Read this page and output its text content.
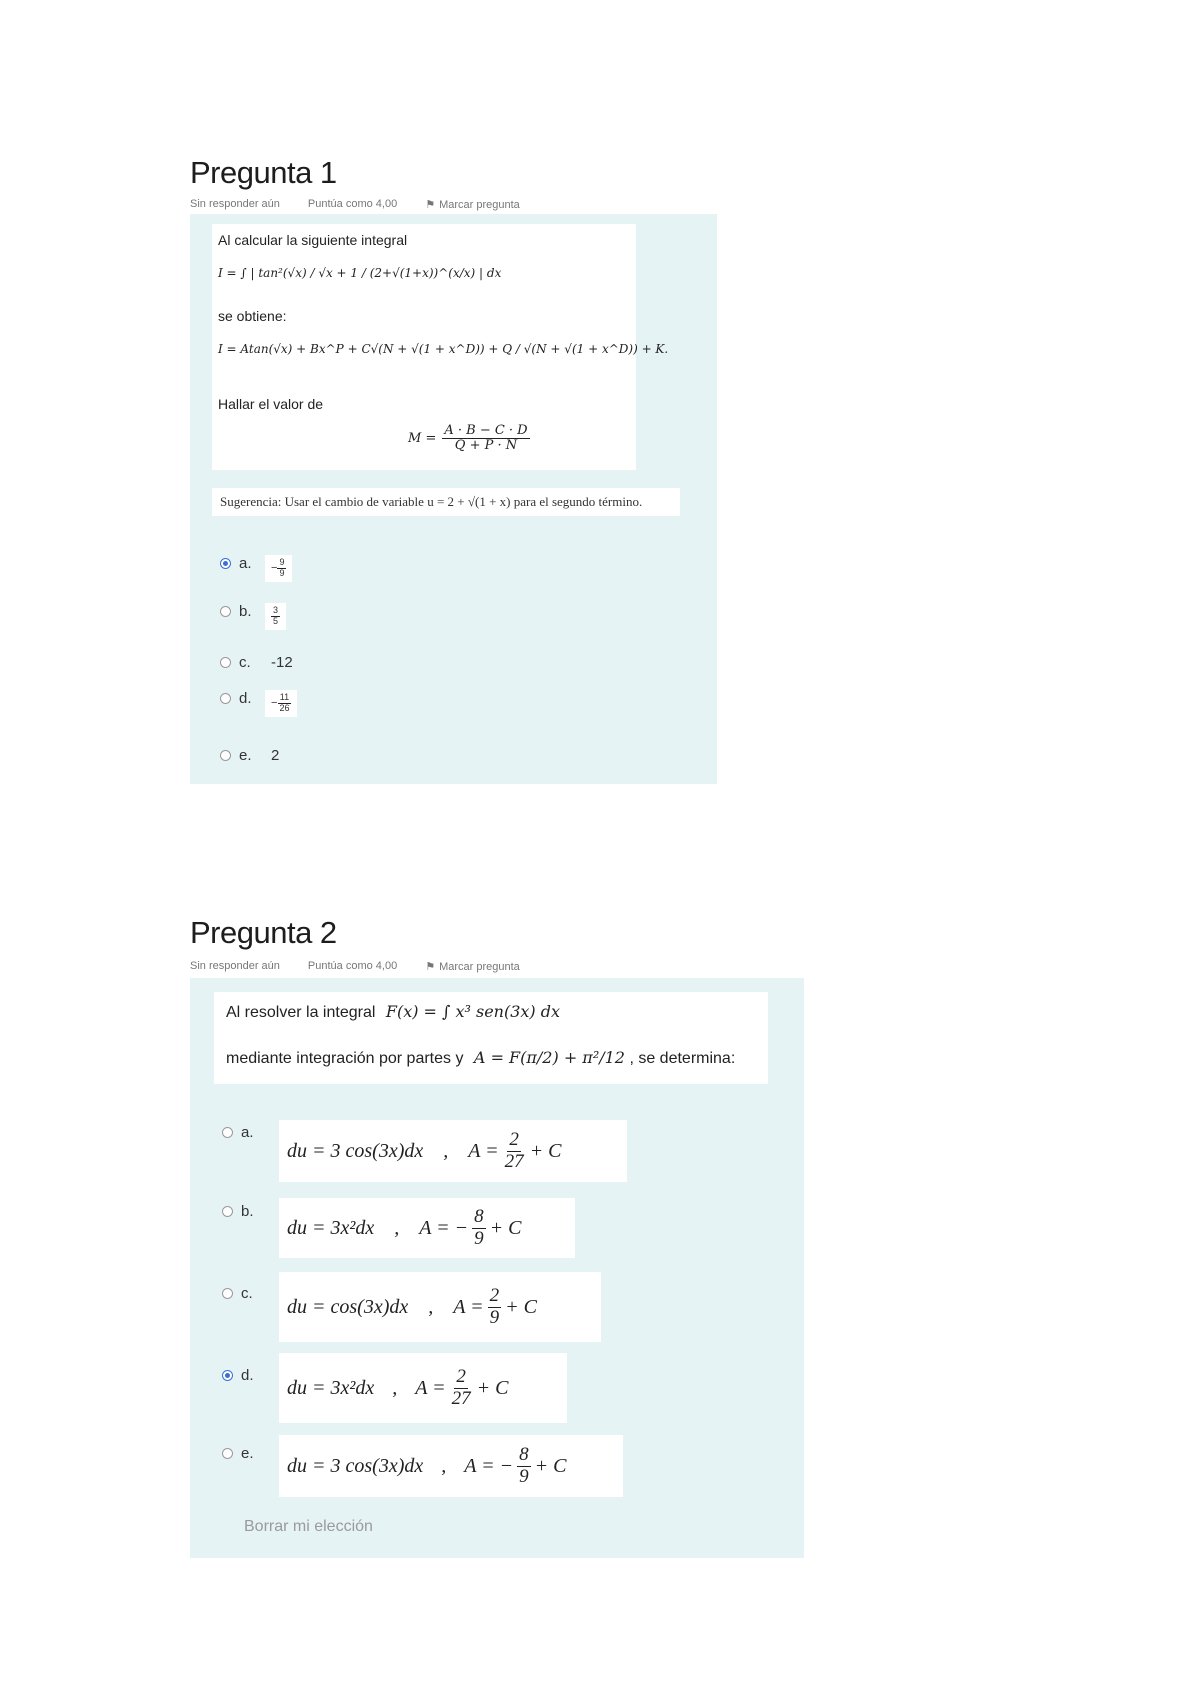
Pregunta 1
Sin responder aún	Puntúa como 4,00	⚑ Marcar pregunta
Al calcular la siguiente integral
I = ∫ | tan²(√x) / √x + 1 / (2+√(1+x))^(x/x) | dx
se obtiene:
I = Atan(√x) + Bx^P + C√(N + √(1 + x^D)) + Q / √(N + √(1 + x^D)) + K.
Hallar el valor de
$M = \frac{A \cdot B - C \cdot D}{Q + P \cdot N}$
Sugerencia: Usar el cambio de variable u = 2 + √(1 + x) para el segundo término.
a.	− $\frac{9}{9}$
b.	$\frac{3}{5}$
c.	-12
d.	− $\frac{11}{26}$
e.	2
Pregunta 2
Sin responder aún	Puntúa como 4,00	⚑ Marcar pregunta
Al resolver la integral F(x) = ∫ x³ sen(3x) dx
mediante integración por partes y A = F(π/2) + π²/12 , se determina:
a.
du = 3 cos(3x)dx , $A = \frac{2}{27} + C$
b.
du = 3x²dx , A = − $\frac{8}{9} + C$
c.
du = cos(3x)dx , $A = \frac{2}{9} + C$
d.
du = 3x²dx , $A = \frac{2}{27} + C$
e.
du = 3 cos(3x)dx , A = − $\frac{8}{9} + C$
Borrar mi elección
